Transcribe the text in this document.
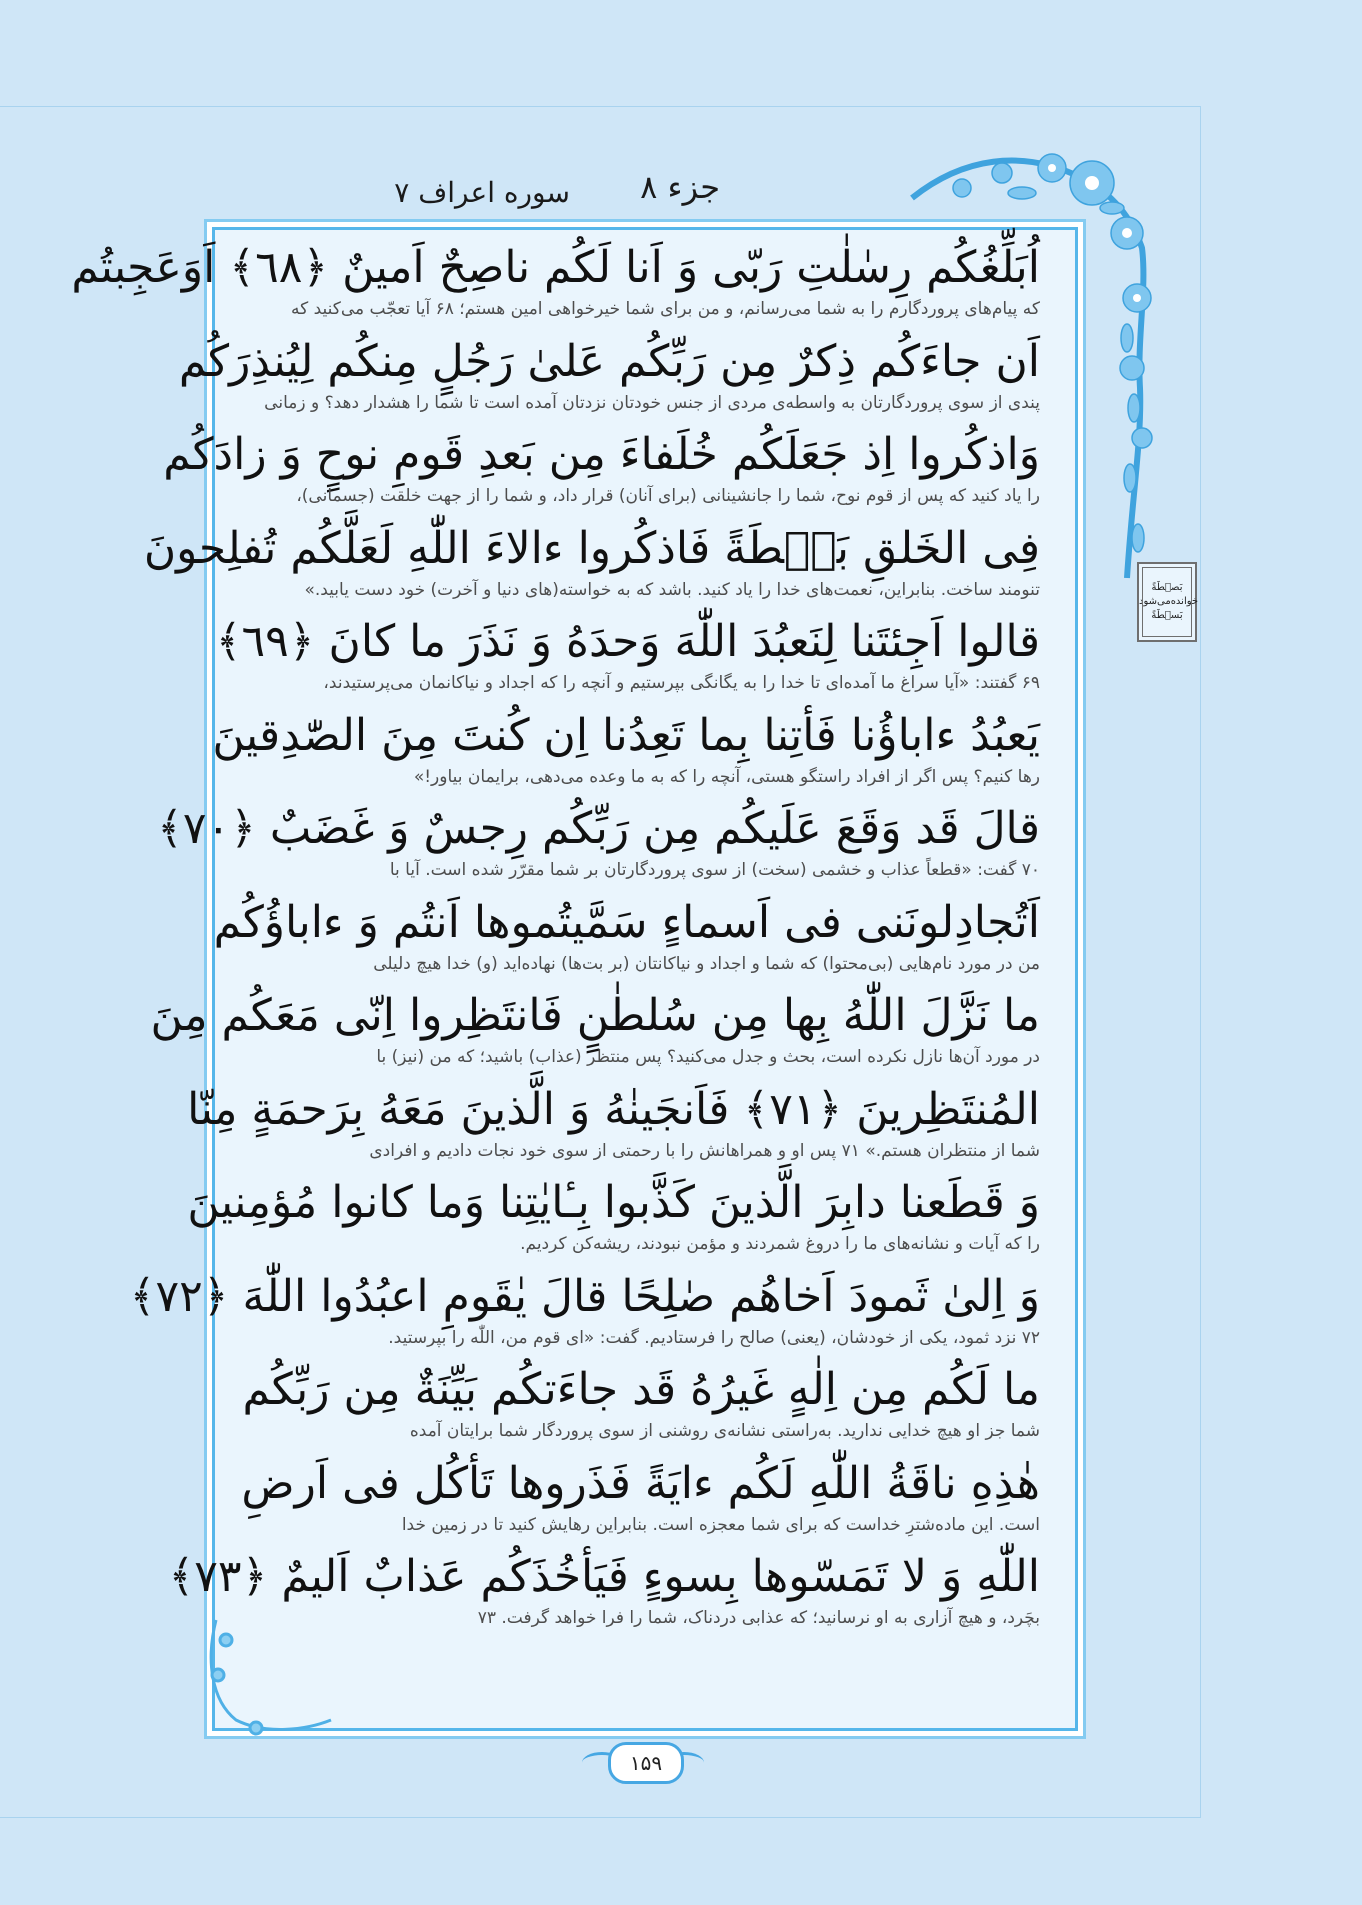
جزء ۸
سوره اعراف ۷
اُبَلِّغُكُم رِسٰلٰتِ رَبّى وَ اَنا لَكُم ناصِحٌ اَمينٌ ﴿٦٨﴾ اَوَعَجِبتُم
که پیام‌های پروردگارم را به شما می‌رسانم، و من برای شما خیرخواهی امین هستم؛ ۶۸ آیا تعجّب می‌کنید که
اَن جاءَكُم ذِكرٌ مِن رَبِّكُم عَلىٰ رَجُلٍ مِنكُم لِيُنذِرَكُم
پندی از سوی پروردگارتان به واسطه‌ی مردی از جنس خودتان نزدتان آمده است تا شما را هشدار دهد؟ و زمانی
وَاذكُروا اِذ جَعَلَكُم خُلَفاءَ مِن بَعدِ قَومِ نوحٍ وَ زادَكُم
را یاد کنید که پس از قوم نوح، شما را جانشینانی (برای آنان) قرار داد، و شما را از جهت خلقت (جسمانی)،
فِى الخَلقِ بَصۜطَةً فَاذكُروا ءالاءَ اللّٰهِ لَعَلَّكُم تُفلِحونَ
تنومند ساخت. بنابراین، نعمت‌های خدا را یاد کنید. باشد که به خواسته(های دنیا و آخرت) خود دست یابید.»
قالوا اَجِئتَنا لِنَعبُدَ اللّٰهَ وَحدَهُ وَ نَذَرَ ما كانَ ﴿٦٩﴾
۶۹ گفتند: «آیا سراغ ما آمده‌ای تا خدا را به یگانگی بپرستیم و آنچه را که اجداد و نیاکانمان می‌پرستیدند،
يَعبُدُ ءاباؤُنا فَأتِنا بِما تَعِدُنا اِن كُنتَ مِنَ الصّٰدِقينَ
رها کنیم؟ پس اگر از افراد راستگو هستی، آنچه را که به ما وعده می‌دهی، برایمان بیاور!»
قالَ قَد وَقَعَ عَلَيكُم مِن رَبِّكُم رِجسٌ وَ غَضَبٌ ﴿٧٠﴾
۷۰ گفت: «قطعاً عذاب و خشمی (سخت) از سوی پروردگارتان بر شما مقرّر شده است. آیا با
اَتُجادِلونَنى فى اَسماءٍ سَمَّيتُموها اَنتُم وَ ءاباؤُكُم
من در مورد نام‌هایی (بی‌محتوا) که شما و اجداد و نیاکانتان (بر بت‌ها) نهاده‌اید (و) خدا هیچ دلیلی
ما نَزَّلَ اللّٰهُ بِها مِن سُلطٰنٍ فَانتَظِروا اِنّى مَعَكُم مِنَ
در مورد آن‌ها نازل نکرده است، بحث و جدل می‌کنید؟ پس منتظر (عذاب) باشید؛ که من (نیز) با
المُنتَظِرينَ ﴿٧١﴾ فَاَنجَينٰهُ وَ الَّذينَ مَعَهُ بِرَحمَةٍ مِنّا
شما از منتظران هستم.» ۷۱ پس او و همراهانش را با رحمتی از سوی خود نجات دادیم و افرادی
وَ قَطَعنا دابِرَ الَّذينَ كَذَّبوا بِـٔايٰتِنا وَما كانوا مُؤمِنينَ
را که آیات و نشانه‌های ما را دروغ شمردند و مؤمن نبودند، ریشه‌کن کردیم.
وَ اِلىٰ ثَمودَ اَخاهُم صٰلِحًا قالَ يٰقَومِ اعبُدُوا اللّٰهَ ﴿٧٢﴾
۷۲ نزد ثمود، یکی از خودشان، (یعنی) صالح را فرستادیم. گفت: «ای قوم من، اللّٰه را بپرستید.
ما لَكُم مِن اِلٰهٍ غَيرُهُ قَد جاءَتكُم بَيِّنَةٌ مِن رَبِّكُم
شما جز او هیچ خدایی ندارید. به‌راستی نشانه‌ی روشنی از سوی پروردگار شما برایتان آمده
هٰذِهِ ناقَةُ اللّٰهِ لَكُم ءايَةً فَذَروها تَأكُل فى اَرضِ
است. این ماده‌شترِ خداست که برای شما معجزه است. بنابراین رهایش کنید تا در زمین خدا
اللّٰهِ وَ لا تَمَسّوها بِسوءٍ فَيَأخُذَكُم عَذابٌ اَليمٌ ﴿٧٣﴾
بچَرد، و هیچ آزاری به او نرسانید؛ که عذابی دردناک، شما را فرا خواهد گرفت. ۷۳
بَصۜطَةً
خوانده‌می‌شود
بَسۡطَةً
۱۵۹
